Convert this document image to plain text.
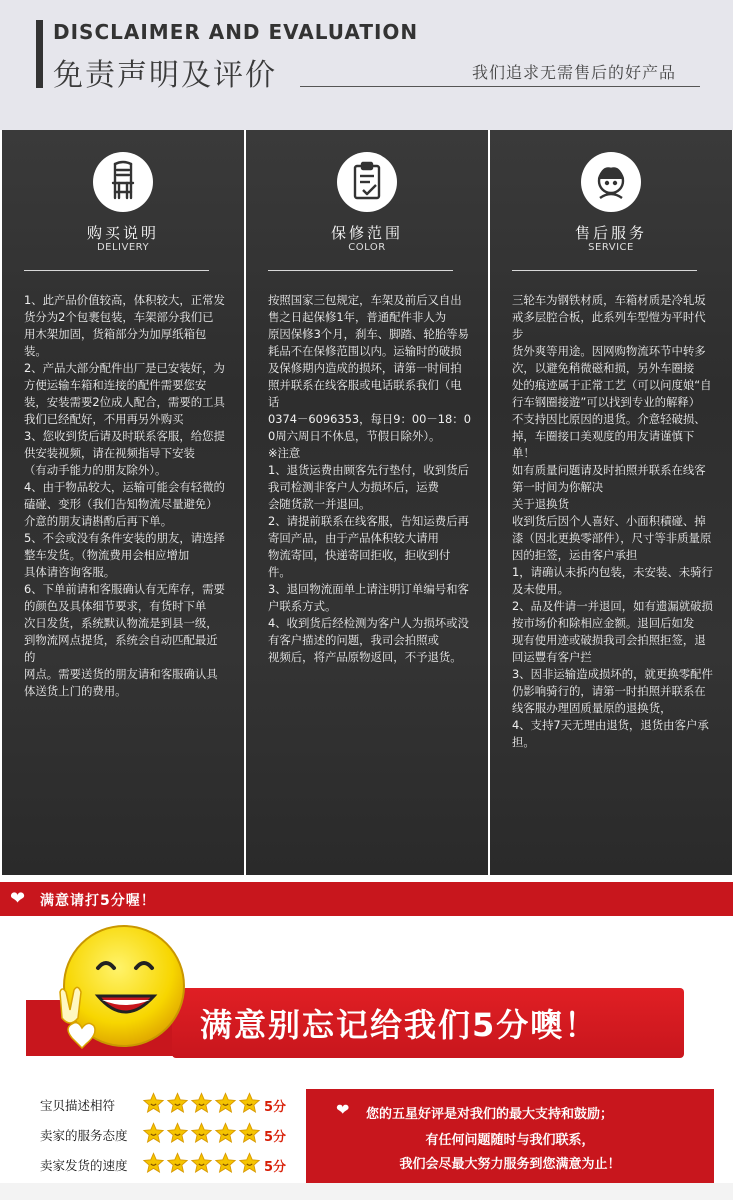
DISCLAIMER AND EVALUATION
免责声明及评价	我们追求无需售后的好产品
购买说明
DELIVERY
1、此产品价值较高，体积较大，正常发货分为2个包裹包装，车架部分我们已
用木架加固，货箱部分为加厚纸箱包装。
2、产品大部分配件出厂是已安装好，为方便运输车箱和连接的配件需要您安
装，安装需要2位成人配合，需要的工具我们已经配好，不用再另外购买
3、您收到货后请及时联系客服，给您提供安装视频，请在视频指导下安装
（有动手能力的朋友除外）。
4、由于物品较大，运输可能会有轻微的磕碰、变形（我们告知物流尽量避免）
介意的朋友请斟酌后再下单。
5、不会或没有条件安装的朋友，请选择整车发货。（物流费用会相应增加
具体请咨询客服。
6、下单前请和客服确认有无库存，需要的颜色及具体细节要求，有货时下单
次日发货，系统默认物流是到县一级，到物流网点提货，系统会自动匹配最近的
网点。需要送货的朋友请和客服确认具体送货上门的费用。
保修范围
COLOR
按照国家三包规定，车架及前后又自出售之日起保修1年，普通配件非人为
原因保修3个月，刹车、脚踏、轮胎等易耗品不在保修范围以内。运输时的破损
及保修期内造成的损坏，请第一时间拍照并联系在线客服或电话联系我们（电话
0374－6096353，每日9：00－18：00周六周日不休息，节假日除外）。
※注意
1、退货运费由顾客先行垫付，收到货后我司检测非客户人为损坏后，运费
会随货款一并退回。
2、请提前联系在线客服，告知运费后再寄回产品，由于产品体积较大请用
物流寄回，快递寄回拒收，拒收到付件。
3、退回物流面单上请注明订单编号和客户联系方式。
4、收到货后经检测为客户人为损坏或没有客户描述的问题，我司会拍照或
视频后，将产品原物返回，不予退货。
售后服务
SERVICE
三轮车为钢铁材质，车箱材质是冷轧坂戒多层腔合板，此系列车型愷为平时代步
货外爽等用途。因网购物流环节中转多次，以避免稍微磁和损，另外车圈接
处的痕迹属于正常工艺（可以问度娘“自行车钢圈接遊”可以找到专业的解释）
不支持因比原因的退货。介意轻破损、掉，车圈接口美观度的用友请谨慎下单！
如有质量问题请及时拍照并联系在线客第一时间为你解决
关于退换货
收到货后因个人喜好、小面积積碰、掉漆（因北更换零部件），尺寸等非质量原
因的拒签，运由客户承担
1，请确认未拆内包装，未安装、未骑行及未使用。
2、品及件请一并退回，如有遗漏就破损按市场价和除相应金额。退回后如发
现有使用迹或破损我司会拍照拒签，退回运豐有客户拦
3、因非运输造成损坏的，就更换零配件仍影响骑行的，请第一时拍照并联系在
线客服办理固质量原的退换货，
4、支持7天无理由退货，退货由客户承担。
❤ 满意请打5分喔！
满意别忘记给我们5分噢！
宝贝描述相符	5分
卖家的服务态度	5分
卖家发货的速度	5分
❤ 您的五星好评是对我们的最大支持和鼓励；
有任何问题随时与我们联系，
我们会尽最大努力服务到您满意为止！
